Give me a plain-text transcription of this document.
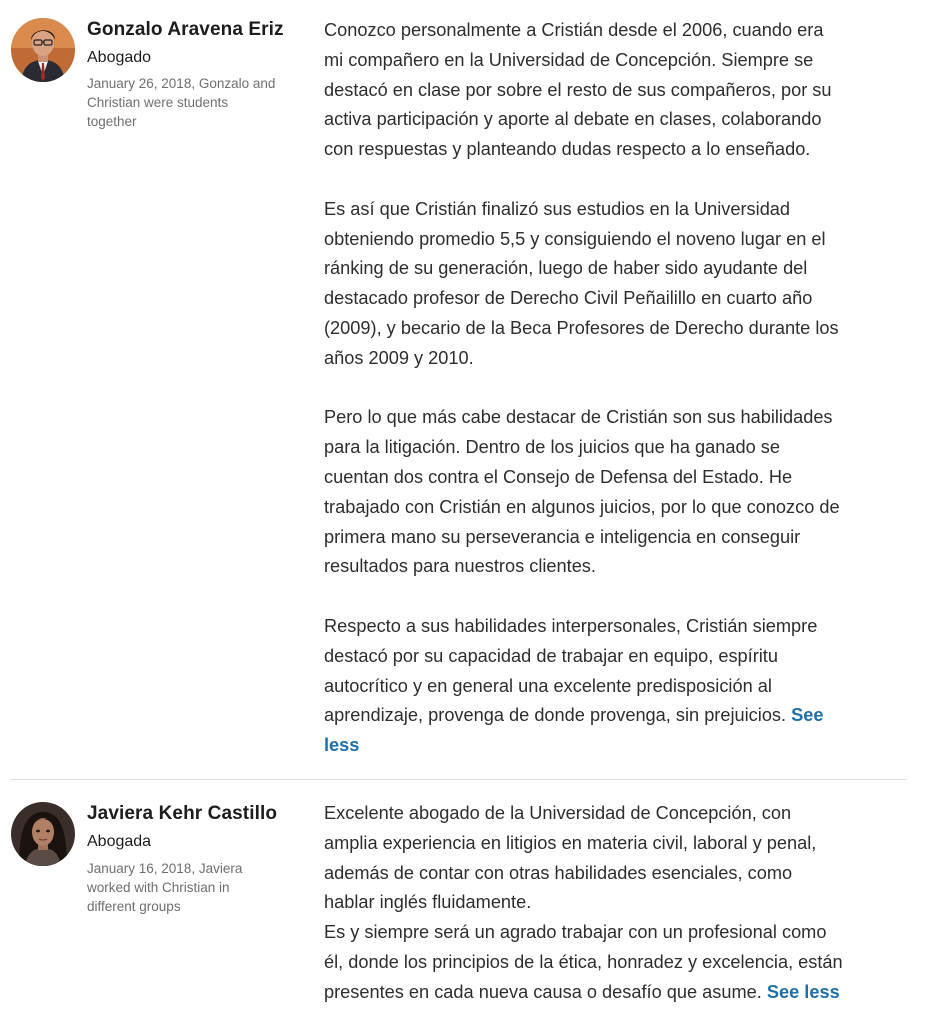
Gonzalo Aravena Eriz
Abogado
January 26, 2018, Gonzalo and
Christian were students
together

Conozco personalmente a Cristián desde el 2006, cuando era
mi compañero en la Universidad de Concepción. Siempre se
destacó en clase por sobre el resto de sus compañeros, por su
activa participación y aporte al debate en clases, colaborando
con respuestas y planteando dudas respecto a lo enseñado.

Es así que Cristián finalizó sus estudios en la Universidad
obteniendo promedio 5,5 y consiguiendo el noveno lugar en el
ránking de su generación, luego de haber sido ayudante del
destacado profesor de Derecho Civil Peñailillo en cuarto año
(2009), y becario de la Beca Profesores de Derecho durante los
años 2009 y 2010.

Pero lo que más cabe destacar de Cristián son sus habilidades
para la litigación. Dentro de los juicios que ha ganado se
cuentan dos contra el Consejo de Defensa del Estado. He
trabajado con Cristián en algunos juicios, por lo que conozco de
primera mano su perseverancia e inteligencia en conseguir
resultados para nuestros clientes.

Respecto a sus habilidades interpersonales, Cristián siempre
destacó por su capacidad de trabajar en equipo, espíritu
autocrítico y en general una excelente predisposición al
aprendizaje, provenga de donde provenga, sin prejuicios. See
less

Javiera Kehr Castillo
Abogada
January 16, 2018, Javiera
worked with Christian in
different groups

Excelente abogado de la Universidad de Concepción, con
amplia experiencia en litigios en materia civil, laboral y penal,
además de contar con otras habilidades esenciales, como
hablar inglés fluidamente.
Es y siempre será un agrado trabajar con un profesional como
él, donde los principios de la ética, honradez y excelencia, están
presentes en cada nueva causa o desafío que asume. See less
